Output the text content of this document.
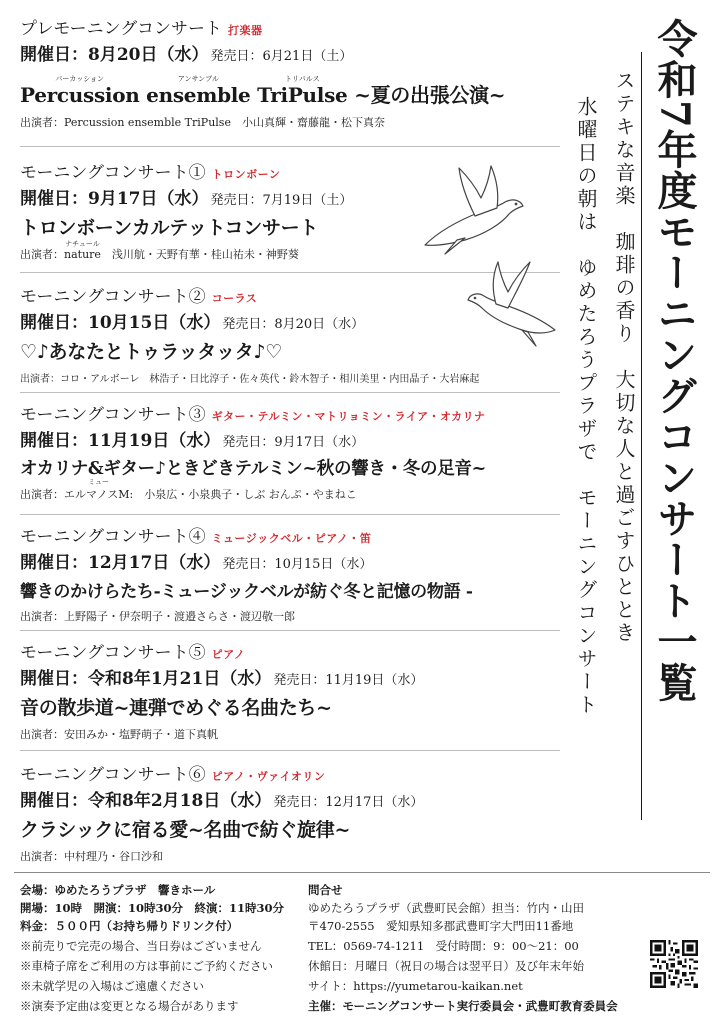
プレモーニングコンサート 打楽器
開催日：8月20日（水） 発売日：6月21日（土）
パーカッション
Percussion
アンサンブル
ensemble
トリパルス
TriPulse ~夏の出張公演~
出演者：Percussion ensemble TriPulse　小山真輝・齋藤龍・松下真奈
モーニングコンサート① トロンボーン
開催日：9月17日（水） 発売日：7月19日（土）
トロンボーンカルテットコンサート
出演者：
ナチュール
nature　浅川航・天野有華・桂山祐未・神野葵
モーニングコンサート② コーラス
開催日：10月15日（水） 発売日：8月20日（水）
♡♪あなたとトゥラッタッタ♪♡
出演者：コロ・アルボーレ　林浩子・日比淳子・佐々英代・鈴木智子・相川美里・内田晶子・大岩麻起
モーニングコンサート③ ギター・テルミン・マトリョミン・ライア・オカリナ
開催日：11月19日（水） 発売日：9月17日（水）
オカリナ&ギター♪ときどきテルミン~秋の響き・冬の足音~
出演者：
ミュー
エルマノスM:　小泉広・小泉典子・しぶ おんぷ・やまねこ
モーニングコンサート④ ミュージックベル・ピアノ・笛
開催日：12月17日（水） 発売日：10月15日（水）
響きのかけらたち-ミュージックベルが紡ぐ冬と記憶の物語 -
出演者：上野陽子・伊奈明子・渡邉さらさ・渡辺敬一郎
モーニングコンサート⑤ ピアノ
開催日：令和8年1月21日（水） 発売日：11月19日（水）
音の散歩道~連弾でめぐる名曲たち~
出演者：安田みか・塩野萌子・道下真帆
モーニングコンサート⑥ ピアノ・ヴァイオリン
開催日：令和8年2月18日（水） 発売日：12月17日（水）
クラシックに宿る愛~名曲で紡ぐ旋律~
出演者：中村理乃・谷口沙和
令和7年度モーニングコンサート一覧
ステキな音楽　珈琲の香り　大切な人と過ごすひととき
水曜日の朝は　ゆめたろうプラザで　モーニングコンサート
会場：ゆめたろうプラザ　響きホール
開場：10時　開演：10時30分　終演：11時30分
料金：５００円（お持ち帰りドリンク付）
※前売りで完売の場合、当日券はございません
※車椅子席をご利用の方は事前にご予約ください
※未就学児の入場はご遠慮ください
※演奏予定曲は変更となる場合があります
問合せ
ゆめたろうプラザ（武豊町民会館）担当：竹内・山田
〒470-2555　愛知県知多郡武豊町字大門田11番地
TEL：0569-74-1211　受付時間：9：00～21：00
休館日：月曜日（祝日の場合は翌平日）及び年末年始
サイト：https://yumetarou-kaikan.net
主催：モーニングコンサート実行委員会・武豊町教育委員会
